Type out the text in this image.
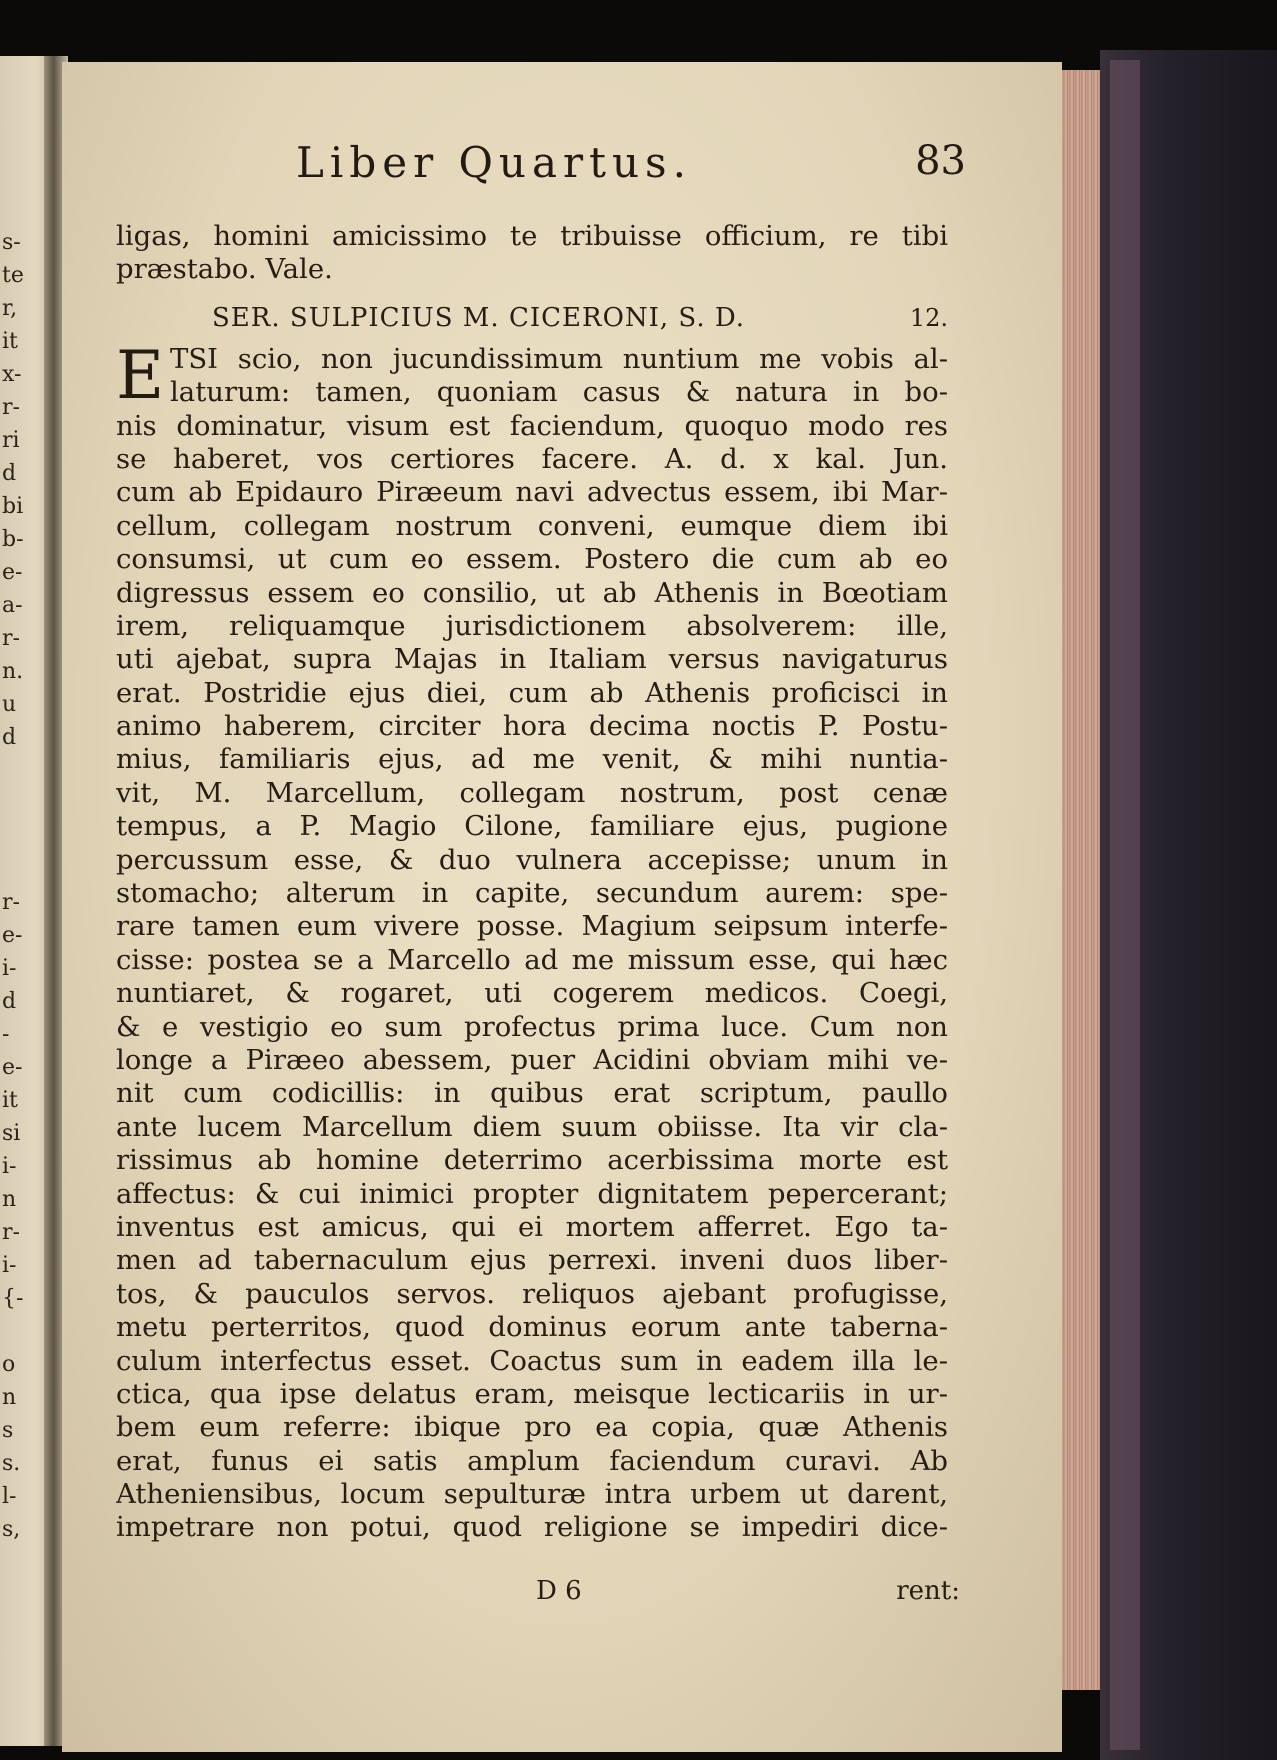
s-
te
r,
it
x-
r-
ri
d
bi
b-
e-
a-
r-
n.
u
d
r-
e-
i-
d
-
e-
it
si
i-
n
r-
i-
{-
o
n
s
s.
l-
s,
Liber Quartus.	83
ligas, homini amicissimo te tribuisse officium, re tibi
præstabo. Vale.
SER. SULPICIUS M. CICERONI, S. D.	12.
E TSI scio, non jucundissimum nuntium me vobis al-
laturum: tamen, quoniam casus & natura in bo-
nis dominatur, visum est faciendum, quoquo modo res
se haberet, vos certiores facere. A. d. x kal. Jun.
cum ab Epidauro Piræeum navi advectus essem, ibi Mar-
cellum, collegam nostrum conveni, eumque diem ibi
consumsi, ut cum eo essem. Postero die cum ab eo
digressus essem eo consilio, ut ab Athenis in Bœotiam
irem, reliquamque jurisdictionem absolverem: ille,
uti ajebat, supra Majas in Italiam versus navigaturus
erat. Postridie ejus diei, cum ab Athenis proficisci in
animo haberem, circiter hora decima noctis P. Postu-
mius, familiaris ejus, ad me venit, & mihi nuntia-
vit, M. Marcellum, collegam nostrum, post cenæ
tempus, a P. Magio Cilone, familiare ejus, pugione
percussum esse, & duo vulnera accepisse; unum in
stomacho; alterum in capite, secundum aurem: spe-
rare tamen eum vivere posse. Magium seipsum interfe-
cisse: postea se a Marcello ad me missum esse, qui hæc
nuntiaret, & rogaret, uti cogerem medicos. Coegi,
& e vestigio eo sum profectus prima luce. Cum non
longe a Piræeo abessem, puer Acidini obviam mihi ve-
nit cum codicillis: in quibus erat scriptum, paullo
ante lucem Marcellum diem suum obiisse. Ita vir cla-
rissimus ab homine deterrimo acerbissima morte est
affectus: & cui inimici propter dignitatem pepercerant;
inventus est amicus, qui ei mortem afferret. Ego ta-
men ad tabernaculum ejus perrexi. inveni duos liber-
tos, & pauculos servos. reliquos ajebant profugisse,
metu perterritos, quod dominus eorum ante taberna-
culum interfectus esset. Coactus sum in eadem illa le-
ctica, qua ipse delatus eram, meisque lecticariis in ur-
bem eum referre: ibique pro ea copia, quæ Athenis
erat, funus ei satis amplum faciendum curavi. Ab
Atheniensibus, locum sepulturæ intra urbem ut darent,
impetrare non potui, quod religione se impediri dice-
D 6	rent:
